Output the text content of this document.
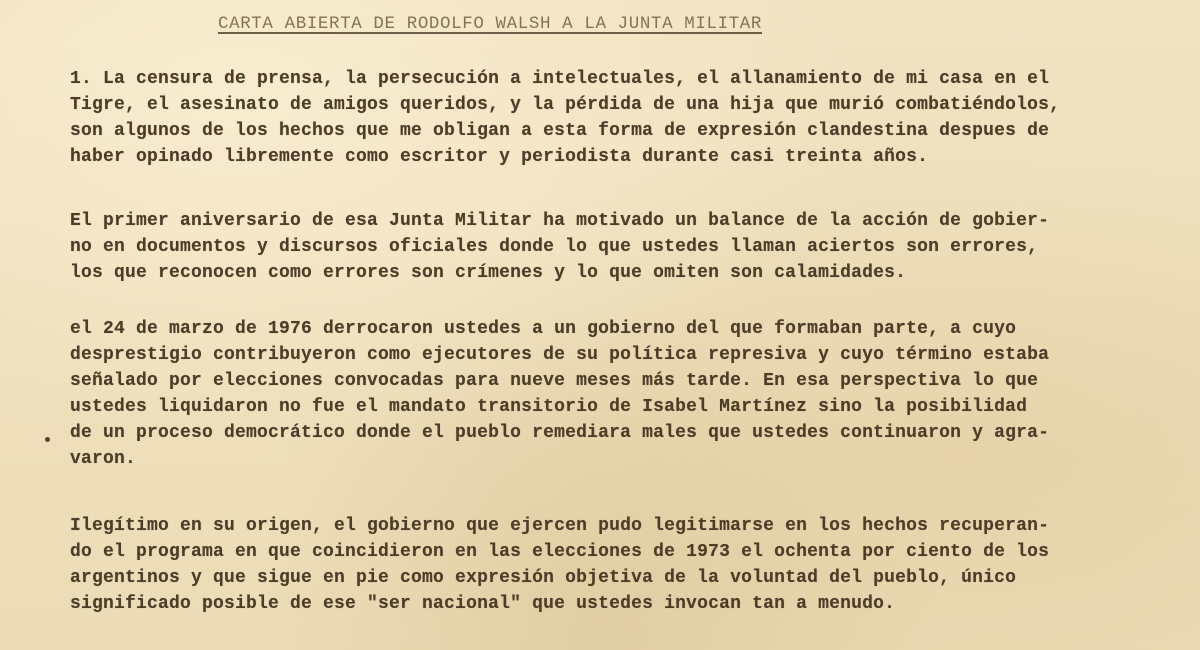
CARTA ABIERTA DE RODOLFO WALSH A LA JUNTA MILITAR
1. La censura de prensa, la persecución a intelectuales, el allanamiento de mi casa en el
Tigre, el asesinato de amigos queridos, y la pérdida de una hija que murió combatiéndolos,
son algunos de los hechos que me obligan a esta forma de expresión clandestina despues de
haber opinado libremente como escritor y periodista durante casi treinta años.
El primer aniversario de esa Junta Militar ha motivado un balance de la acción de gobier-
no en documentos y discursos oficiales donde lo que ustedes llaman aciertos son errores,
los que reconocen como errores son crímenes y lo que omiten son calamidades.
el 24 de marzo de 1976 derrocaron ustedes a un gobierno del que formaban parte, a cuyo
desprestigio contribuyeron como ejecutores de su política represiva y cuyo término estaba
señalado por elecciones convocadas para nueve meses más tarde. En esa perspectiva lo que
ustedes liquidaron no fue el mandato transitorio de Isabel Martínez sino la posibilidad
de un proceso democrático donde el pueblo remediara males que ustedes continuaron y agra-
varon.
Ilegítimo en su origen, el gobierno que ejercen pudo legitimarse en los hechos recuperan-
do el programa en que coincidieron en las elecciones de 1973 el ochenta por ciento de los
argentinos y que sigue en pie como expresión objetiva de la voluntad del pueblo, único
significado posible de ese "ser nacional" que ustedes invocan tan a menudo.
